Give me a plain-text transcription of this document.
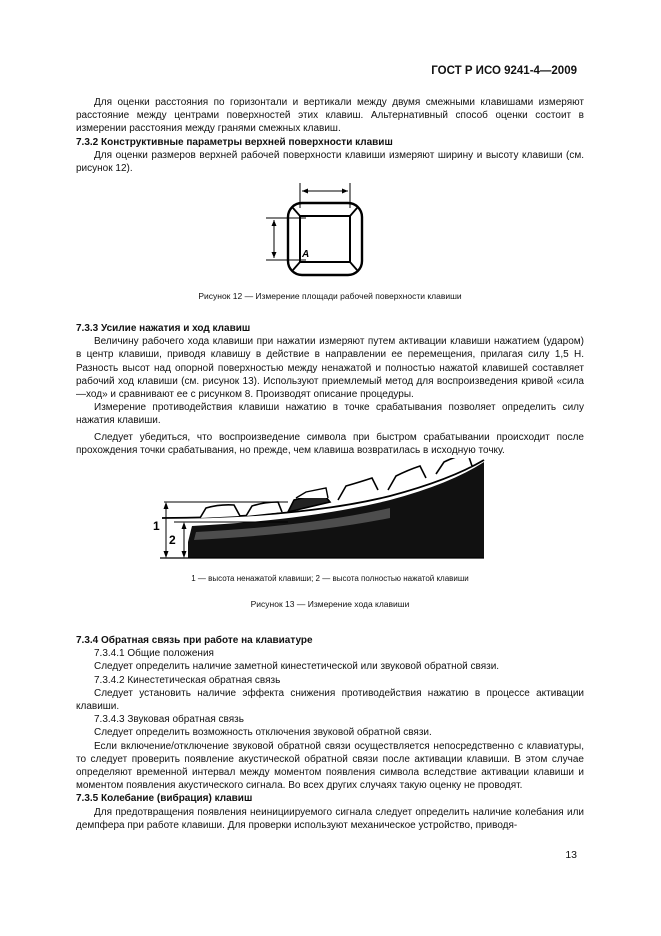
ГОСТ Р ИСО 9241-4—2009

Для оценки расстояния по горизонтали и вертикали между двумя смежными клавишами измеряют расстояние между центрами поверхностей этих клавиш. Альтернативный способ оценки состоит в измерении расстояния между гранями смежных клавиш.

7.3.2 Конструктивные параметры верхней поверхности клавиш

Для оценки размеров верхней рабочей поверхности клавиши измеряют ширину и высоту клавиши (см. рисунок 12).

A
Рисунок 12 — Измерение площади рабочей поверхности клавиши

7.3.3 Усилие нажатия и ход клавиш

Величину рабочего хода клавиши при нажатии измеряют путем активации клавиши нажатием (ударом) в центр клавиши, приводя клавишу в действие в направлении ее перемещения, прилагая силу 1,5 Н. Разность высот над опорной поверхностью между ненажатой и полностью нажатой клавишей составляет рабочий ход клавиши (см. рисунок 13). Используют приемлемый метод для воспроизведения кривой «сила—ход» и сравнивают ее с рисунком 8. Производят описание процедуры.

Измерение противодействия клавиши нажатию в точке срабатывания позволяет определить силу нажатия клавиши.

Следует убедиться, что воспроизведение символа при быстром срабатывании происходит после прохождения точки срабатывания, но прежде, чем клавиша возвратилась в исходную точку.

1
2
1 — высота ненажатой клавиши; 2 — высота полностью нажатой клавиши
Рисунок 13 — Измерение хода клавиши

7.3.4 Обратная связь при работе на клавиатуре

7.3.4.1 Общие положения

Следует определить наличие заметной кинестетической или звуковой обратной связи.

7.3.4.2 Кинестетическая обратная связь

Следует установить наличие эффекта снижения противодействия нажатию в процессе активации клавиши.

7.3.4.3 Звуковая обратная связь

Следует определить возможность отключения звуковой обратной связи.

Если включение/отключение звуковой обратной связи осуществляется непосредственно с клавиатуры, то следует проверить появление акустической обратной связи после активации клавиши. В этом случае определяют временной интервал между моментом появления символа вследствие активации клавиши и моментом появления акустического сигнала. Во всех других случаях такую оценку не проводят.

7.3.5 Колебание (вибрация) клавиш

Для предотвращения появления неинициируемого сигнала следует определить наличие колебания или демпфера при работе клавиши. Для проверки используют механическое устройство, приводя-

13
